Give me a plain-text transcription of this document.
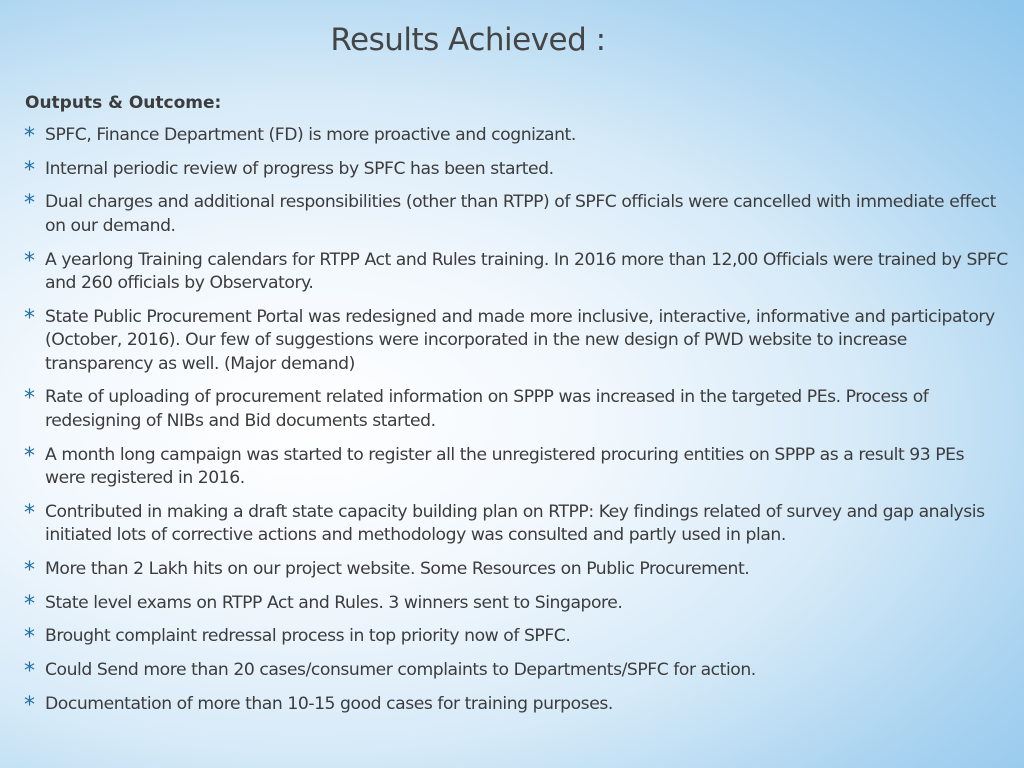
Results Achieved :

Outputs & Outcome:

* SPFC, Finance Department (FD) is more proactive and cognizant.
* Internal periodic review of progress by SPFC has been started.
* Dual charges and additional responsibilities (other than RTPP) of SPFC officials were cancelled with immediate effect on our demand.
* A yearlong Training calendars for RTPP Act and Rules training. In 2016 more than 12,00 Officials were trained by SPFC and 260 officials by Observatory.
* State Public Procurement Portal was redesigned and made more inclusive, interactive, informative and participatory (October, 2016). Our few of suggestions were incorporated in the new design of PWD website to increase transparency as well. (Major demand)
* Rate of uploading of procurement related information on SPPP was increased in the targeted PEs. Process of redesigning of NIBs and Bid documents started.
* A month long campaign was started to register all the unregistered procuring entities on SPPP as a result 93 PEs were registered in 2016.
* Contributed in making a draft state capacity building plan on RTPP: Key findings related of survey and gap analysis initiated lots of corrective actions and methodology was consulted and partly used in plan.
* More than 2 Lakh hits on our project website. Some Resources on Public Procurement.
* State level exams on RTPP Act and Rules. 3 winners sent to Singapore.
* Brought complaint redressal process in top priority now of SPFC.
* Could Send more than 20 cases/consumer complaints to Departments/SPFC for action.
* Documentation of more than 10-15 good cases for training purposes.
